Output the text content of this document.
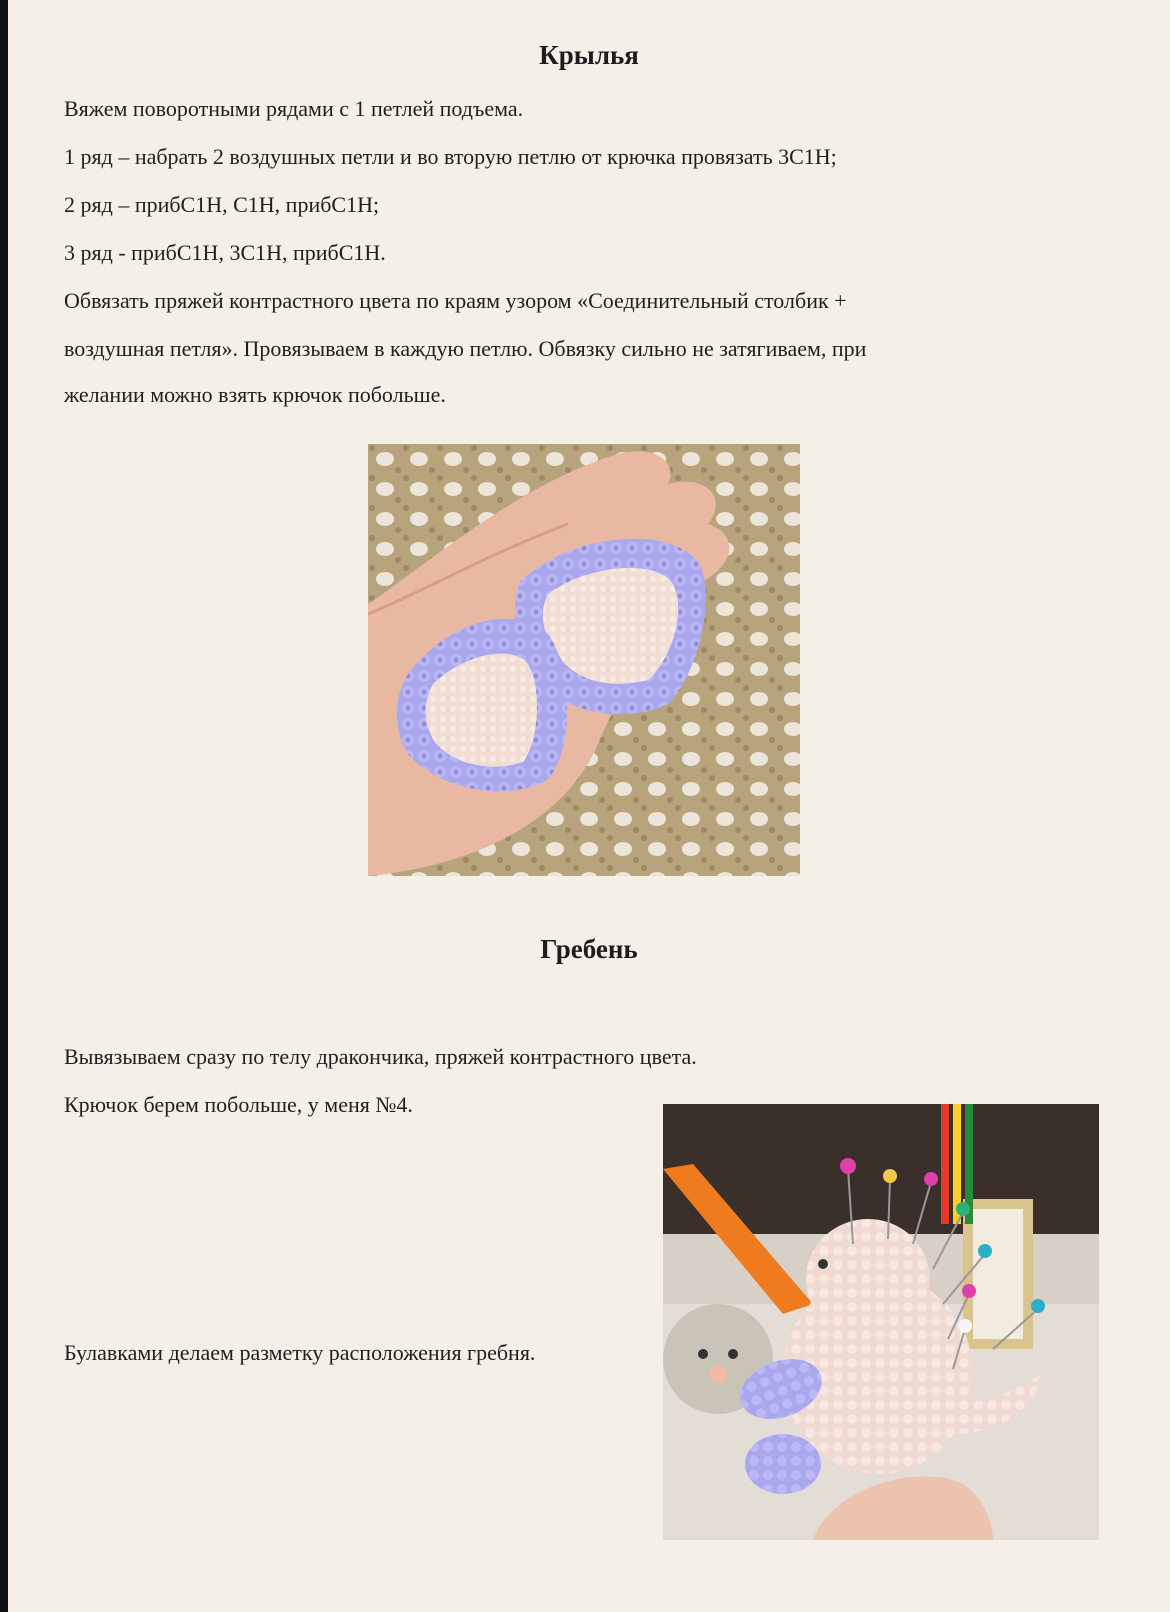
Крылья

Вяжем поворотными рядами с 1 петлей подъема.

1 ряд – набрать 2 воздушных петли и во вторую петлю от крючка провязать 3С1Н;

2 ряд – прибС1Н, С1Н, прибС1Н;

3 ряд - прибС1Н, 3С1Н, прибС1Н.

Обвязать пряжей контрастного цвета по краям узором «Соединительный столбик +

воздушная петля». Провязываем в каждую петлю. Обвязку сильно не затягиваем, при

желании можно взять крючок побольше.

Гребень

Вывязываем сразу по телу дракончика, пряжей контрастного цвета.

Крючок берем побольше, у меня №4.

Булавками делаем разметку расположения гребня.
